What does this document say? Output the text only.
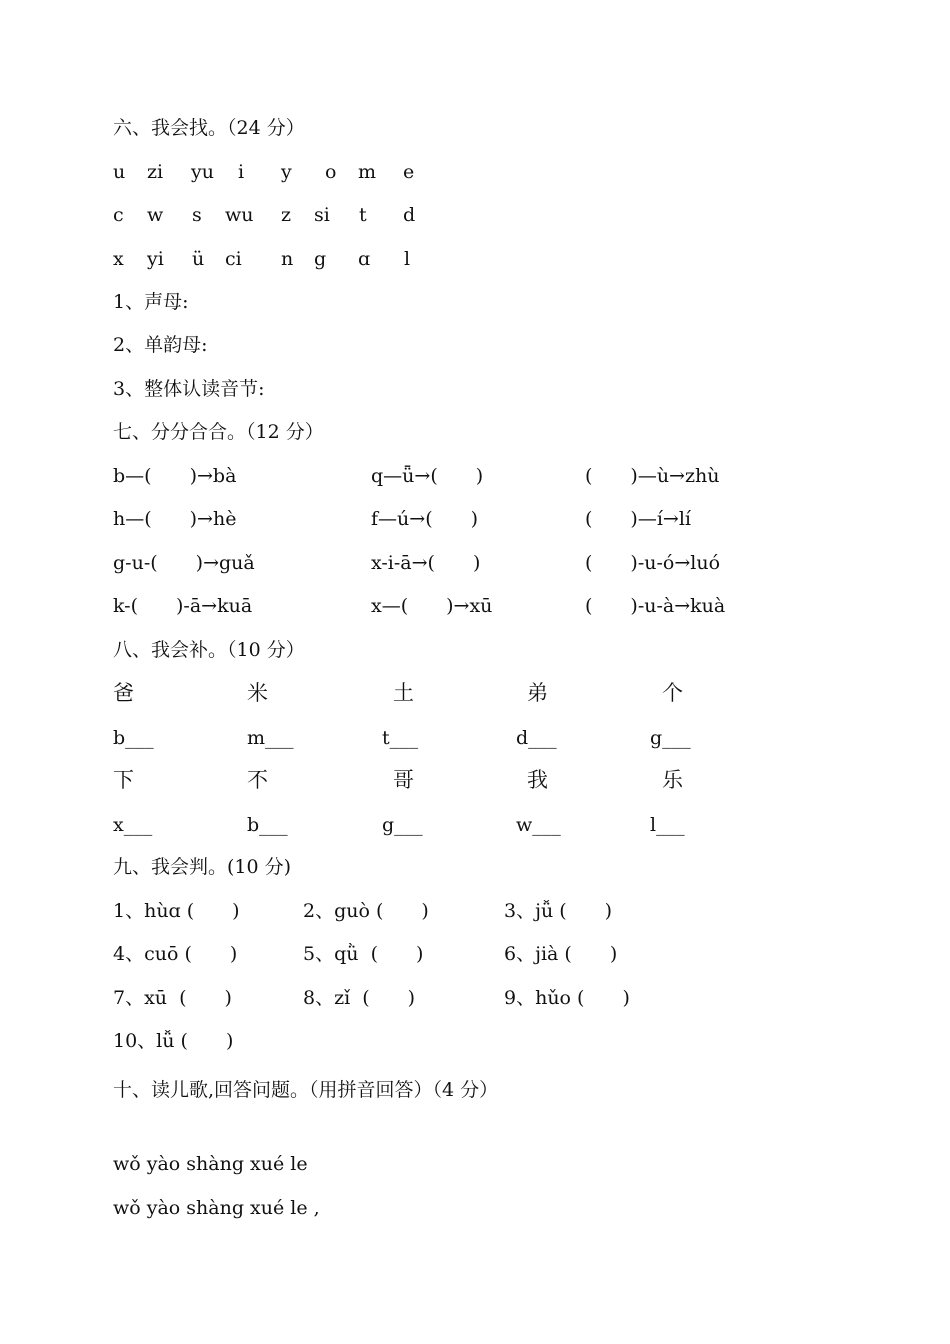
六、我会找。（24 分）
u zi yu i y o m e
c w s wu z si t d
x yi ü ci n g ɑ l
1、声母:
2、单韵母:
3、整体认读音节:
七、分分合合。（12 分）
b—(　　)→bà	q—ǖ→(　　)	(　　)—ù→zhù
h—(　　)→hè	f—ú→(　　)	(　　)—í→lí
g-u-(　　)→guǎ	x-i-ā→(　　)	(　　)-u-ó→luó
k-(　　)-ā→kuā	x—(　　)→xū	(　　)-u-à→kuà
八、我会补。（10 分）
爸	米	土	弟	个
b___	m___	t___	d___	g___
下	不	哥	我	乐
x___	b___	g___	w___	l___
九、我会判。(10 分)
1、hùɑ (　　)	2、guò (　　)	3、jǚ (　　)
4、cuō (　　)	5、qǜ  (　　)	6、jià (　　)
7、xū  (　　)	8、zǐ  (　　)	9、hǔo (　　)
10、lǚ (　　)
十、读儿歌,回答问题。（用拼音回答）（4 分）
wǒ yào shàng xué le
wǒ yào shàng xué le ,
